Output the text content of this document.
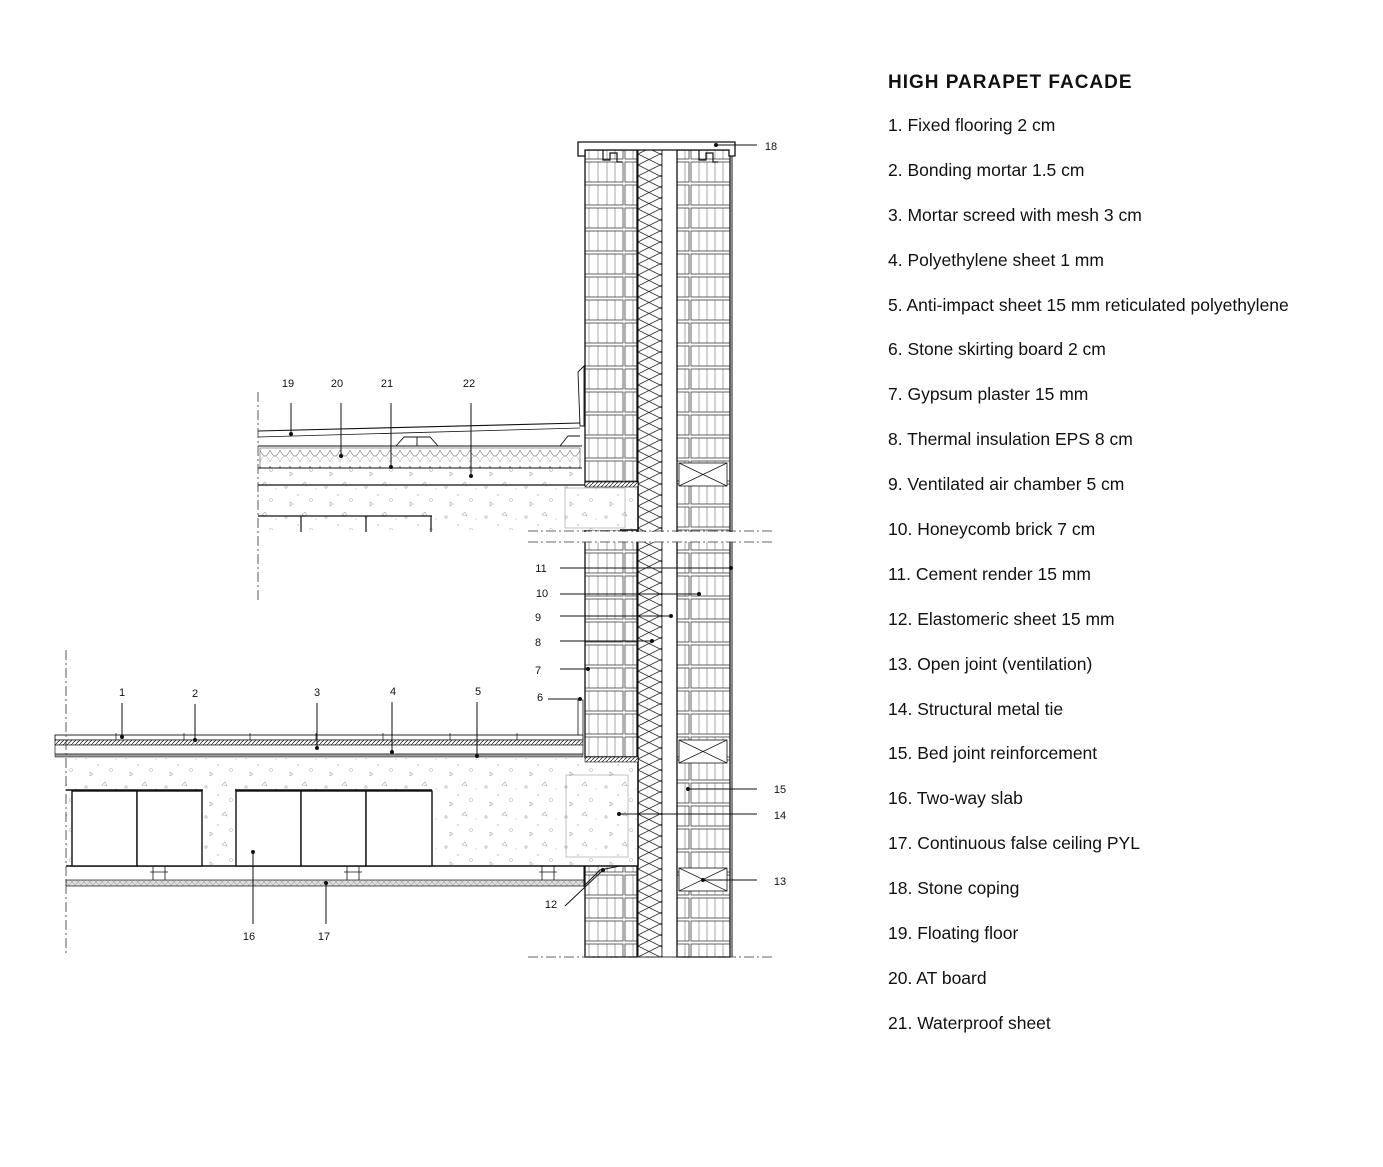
1	2	3	4	5	6
7
8
9
10
11
12
13
14
15
16	17
18
19	20	21	22
HIGH PARAPET FACADE
1. Fixed flooring 2 cm
2. Bonding mortar 1.5 cm
3. Mortar screed with mesh 3 cm
4. Polyethylene sheet 1 mm
5. Anti-impact sheet 15 mm reticulated polyethylene
6. Stone skirting board 2 cm
7. Gypsum plaster 15 mm
8. Thermal insulation EPS 8 cm
9. Ventilated air chamber 5 cm
10. Honeycomb brick 7 cm
11. Cement render 15 mm
12. Elastomeric sheet 15 mm
13. Open joint (ventilation)
14. Structural metal tie
15. Bed joint reinforcement
16. Two-way slab
17. Continuous false ceiling PYL
18. Stone coping
19. Floating floor
20. AT board
21. Waterproof sheet
